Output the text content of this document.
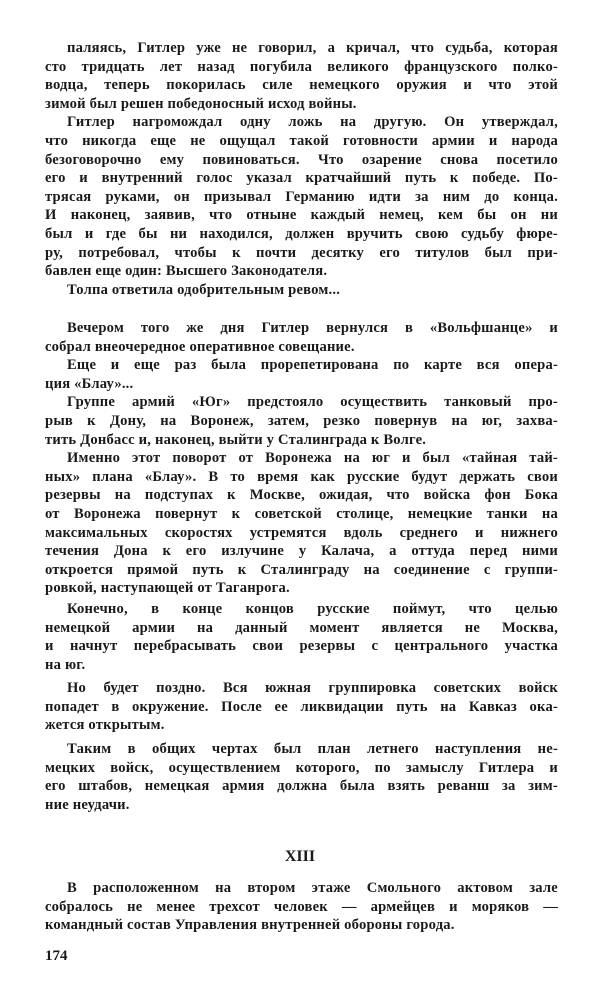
паляясь, Гитлер уже не говорил, а кричал, что судьба, которая
сто тридцать лет назад погубила великого французского полко-
водца, теперь покорилась силе немецкого оружия и что этой
зимой был решен победоносный исход войны.
Гитлер нагромождал одну ложь на другую. Он утверждал,
что никогда еще не ощущал такой готовности армии и народа
безоговорочно ему повиноваться. Что озарение снова посетило
его и внутренний голос указал кратчайший путь к победе. По-
трясая руками, он призывал Германию идти за ним до конца.
И наконец, заявив, что отныне каждый немец, кем бы он ни
был и где бы ни находился, должен вручить свою судьбу фюре-
ру, потребовал, чтобы к почти десятку его титулов был при-
бавлен еще один: Высшего Законодателя.
Толпа ответила одобрительным ревом...
Вечером того же дня Гитлер вернулся в «Вольфшанце» и
собрал внеочередное оперативное совещание.
Еще и еще раз была прорепетирована по карте вся опера-
ция «Блау»...
Группе армий «Юг» предстояло осуществить танковый про-
рыв к Дону, на Воронеж, затем, резко повернув на юг, захва-
тить Донбасс и, наконец, выйти у Сталинграда к Волге.
Именно этот поворот от Воронежа на юг и был «тайная тай-
ных» плана «Блау». В то время как русские будут держать свои
резервы на подступах к Москве, ожидая, что войска фон Бока
от Воронежа повернут к советской столице, немецкие танки на
максимальных скоростях устремятся вдоль среднего и нижнего
течения Дона к его излучине у Калача, а оттуда перед ними
откроется прямой путь к Сталинграду на соединение с группи-
ровкой, наступающей от Таганрога.
Конечно, в конце концов русские поймут, что целью
немецкой армии на данный момент является не Москва,
и начнут перебрасывать свои резервы с центрального участка
на юг.
Но будет поздно. Вся южная группировка советских войск
попадет в окружение. После ее ликвидации путь на Кавказ ока-
жется открытым.
Таким в общих чертах был план летнего наступления не-
мецких войск, осуществлением которого, по замыслу Гитлера и
его штабов, немецкая армия должна была взять реванш за зим-
ние неудачи.
XIII
В расположенном на втором этаже Смольного актовом зале
собралось не менее трехсот человек — армейцев и моряков —
командный состав Управления внутренней обороны города.
174
